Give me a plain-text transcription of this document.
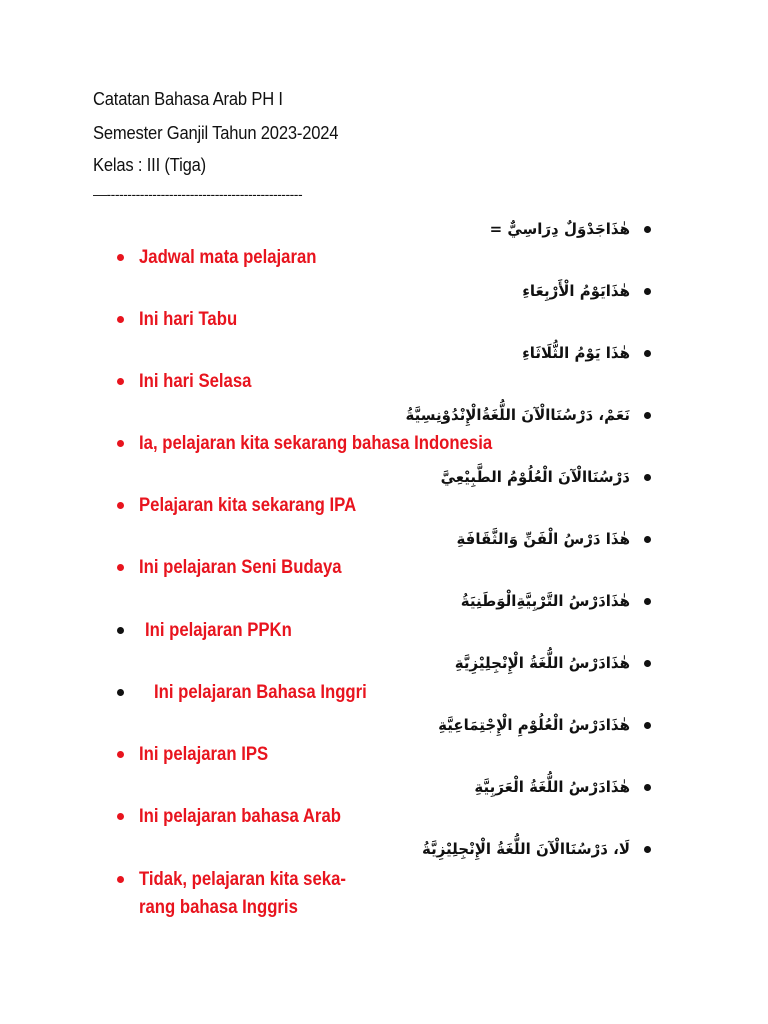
Catatan Bahasa Arab PH I
Semester Ganjil Tahun 2023-2024
Kelas : III (Tiga)
—-----------------------------------------------
هٰذَاجَدْوَلٌ دِرَاسِيٌّ =
هٰذَايَوْمُ الْأَرْبِعَاءِ
هٰذَا يَوْمُ الثُّلَاثَاءِ
نَعَمْ، دَرْسُنَاالْآنَ اللُّغَةُالْإِنْدُوْنِسِيَّةُ
دَرْسُنَاالْآنَ الْعُلُوْمُ الطَّبِيْعِيَّ
هٰذَا دَرْسُ الْفَنِّ وَالثَّقَافَةِ
هٰذَادَرْسُ التَّرْبِيَّةِالْوَطَنِيَةُ
هٰذَادَرْسُ اللُّغَةُ الْإِنْجِلِيْزِيَّةِ
هٰذَادَرْسُ الْعُلُوْمِ الْإِجْتِمَاعِيَّةِ
هٰذَادَرْسُ اللُّغَةُ الْعَرَبِيَّةِ
لَا، دَرْسُنَاالْآنَ اللُّغَةُ الْإِنْجِلِيْزِيَّةُ
Jadwal mata pelajaran
Ini hari Tabu
Ini hari Selasa
Ia, pelajaran kita sekarang bahasa Indonesia
Pelajaran kita sekarang IPA
Ini pelajaran Seni Budaya
Ini pelajaran PPKn
Ini pelajaran Bahasa Inggri
Ini pelajaran IPS
Ini pelajaran bahasa Arab
Tidak, pelajaran kita seka-
rang bahasa Inggris
